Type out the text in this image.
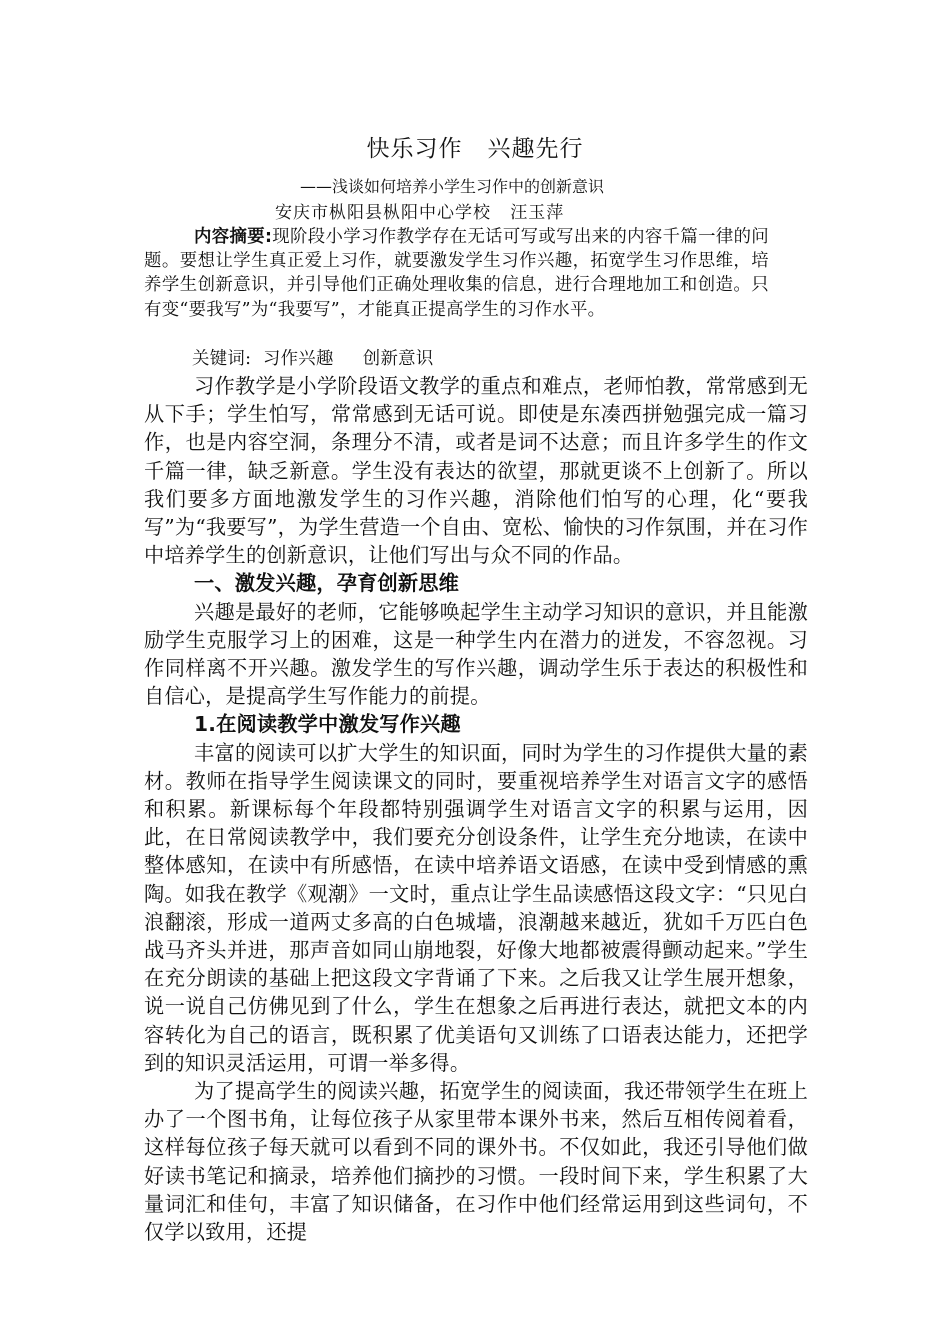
快乐习作   兴趣先行
——浅谈如何培养小学生习作中的创新意识
安庆市枞阳县枞阳中心学校   汪玉萍
内容摘要:现阶段小学习作教学存在无话可写或写出来的内容千篇一律的问题。要想让学生真正爱上习作，就要激发学生习作兴趣，拓宽学生习作思维，培养学生创新意识，并引导他们正确处理收集的信息，进行合理地加工和创造。只有变“要我写”为“我要写”，才能真正提高学生的习作水平。
关键词:  习作兴趣     创新意识

习作教学是小学阶段语文教学的重点和难点，老师怕教，常常感到无从下手；学生怕写，常常感到无话可说。即使是东凑西拼勉强完成一篇习作，也是内容空洞，条理分不清，或者是词不达意；而且许多学生的作文千篇一律，缺乏新意。学生没有表达的欲望，那就更谈不上创新了。所以我们要多方面地激发学生的习作兴趣，消除他们怕写的心理，化“要我写”为“我要写”，为学生营造一个自由、宽松、愉快的习作氛围，并在习作中培养学生的创新意识，让他们写出与众不同的作品。

一、激发兴趣，孕育创新思维

兴趣是最好的老师，它能够唤起学生主动学习知识的意识，并且能激励学生克服学习上的困难，这是一种学生内在潜力的迸发，不容忽视。习作同样离不开兴趣。激发学生的写作兴趣，调动学生乐于表达的积极性和自信心，是提高学生写作能力的前提。

1.在阅读教学中激发写作兴趣

丰富的阅读可以扩大学生的知识面，同时为学生的习作提供大量的素材。教师在指导学生阅读课文的同时，要重视培养学生对语言文字的感悟和积累。新课标每个年段都特别强调学生对语言文字的积累与运用，因此，在日常阅读教学中，我们要充分创设条件，让学生充分地读，在读中整体感知，在读中有所感悟，在读中培养语文语感，在读中受到情感的熏陶。如我在教学《观潮》一文时，重点让学生品读感悟这段文字：“只见白浪翻滚，形成一道两丈多高的白色城墙，浪潮越来越近，犹如千万匹白色战马齐头并进，那声音如同山崩地裂，好像大地都被震得颤动起来。”学生在充分朗读的基础上把这段文字背诵了下来。之后我又让学生展开想象，说一说自己仿佛见到了什么，学生在想象之后再进行表达，就把文本的内容转化为自己的语言，既积累了优美语句又训练了口语表达能力，还把学到的知识灵活运用，可谓一举多得。

为了提高学生的阅读兴趣，拓宽学生的阅读面，我还带领学生在班上办了一个图书角，让每位孩子从家里带本课外书来，然后互相传阅着看，这样每位孩子每天就可以看到不同的课外书。不仅如此，我还引导他们做好读书笔记和摘录，培养他们摘抄的习惯。一段时间下来，学生积累了大量词汇和佳句，丰富了知识储备，在习作中他们经常运用到这些词句，不仅学以致用，还提
